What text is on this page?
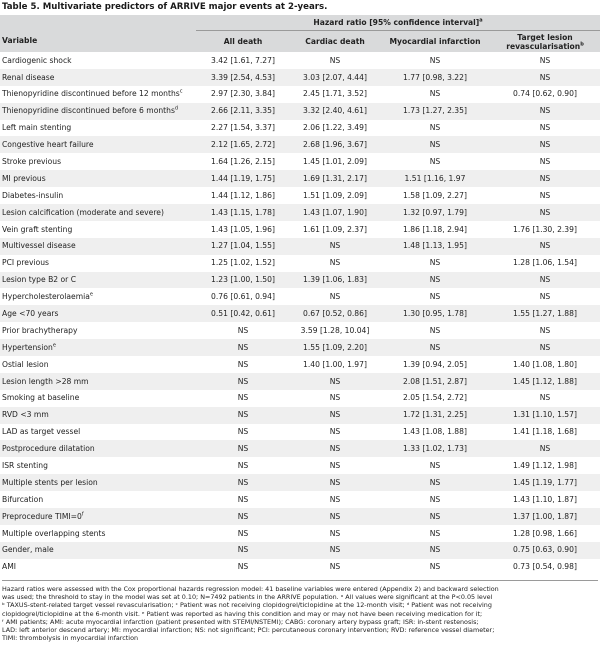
Table 5. Multivariate predictors of ARRIVE major events at 2-years.
	Hazard ratio [95% confidence interval]$^a$
Variable	All death	Cardiac death	Myocardial infarction	Target lesion revascularisation$^b$
Cardiogenic shock	3.42 [1.61, 7.27]	NS	NS	NS
Renal disease	3.39 [2.54, 4.53]	3.03 [2.07, 4.44]	1.77 [0.98, 3.22]	NS
Thienopyridine discontinued before 12 months$^c$	2.97 [2.30, 3.84]	2.45 [1.71, 3.52]	NS	0.74 [0.62, 0.90]
Thienopyridine discontinued before 6 months$^d$	2.66 [2.11, 3.35]	3.32 [2.40, 4.61]	1.73 [1.27, 2.35]	NS
Left main stenting	2.27 [1.54, 3.37]	2.06 [1.22, 3.49]	NS	NS
Congestive heart failure	2.12 [1.65, 2.72]	2.68 [1.96, 3.67]	NS	NS
Stroke previous	1.64 [1.26, 2.15]	1.45 [1.01, 2.09]	NS	NS
MI previous	1.44 [1.19, 1.75]	1.69 [1.31, 2.17]	1.51 [1.16, 1.97	NS
Diabetes-insulin	1.44 [1.12, 1.86]	1.51 [1.09, 2.09]	1.58 [1.09, 2.27]	NS
Lesion calcification (moderate and severe)	1.43 [1.15, 1.78]	1.43 [1.07, 1.90]	1.32 [0.97, 1.79]	NS
Vein graft stenting	1.43 [1.05, 1.96]	1.61 [1.09, 2.37]	1.86 [1.18, 2.94]	1.76 [1.30, 2.39]
Multivessel disease	1.27 [1.04, 1.55]	NS	1.48 [1.13, 1.95]	NS
PCI previous	1.25 [1.02, 1.52]	NS	NS	1.28 [1.06, 1.54]
Lesion type B2 or C	1.23 [1.00, 1.50]	1.39 [1.06, 1.83]	NS	NS
Hypercholesterolaemia$^e$	0.76 [0.61, 0.94]	NS	NS	NS
Age <70 years	0.51 [0.42, 0.61]	0.67 [0.52, 0.86]	1.30 [0.95, 1.78]	1.55 [1.27, 1.88]
Prior brachytherapy	NS	3.59 [1.28, 10.04]	NS	NS
Hypertension$^e$	NS	1.55 [1.09, 2.20]	NS	NS
Ostial lesion	NS	1.40 [1.00, 1.97]	1.39 [0.94, 2.05]	1.40 [1.08, 1.80]
Lesion length >28 mm	NS	NS	2.08 [1.51, 2.87]	1.45 [1.12, 1.88]
Smoking at baseline	NS	NS	2.05 [1.54, 2.72]	NS
RVD <3 mm	NS	NS	1.72 [1.31, 2.25]	1.31 [1.10, 1.57]
LAD as target vessel	NS	NS	1.43 [1.08, 1.88]	1.41 [1.18, 1.68]
Postprocedure dilatation	NS	NS	1.33 [1.02, 1.73]	NS
ISR stenting	NS	NS	NS	1.49 [1.12, 1.98]
Multiple stents per lesion	NS	NS	NS	1.45 [1.19, 1.77]
Bifurcation	NS	NS	NS	1.43 [1.10, 1.87]
Preprocedure $TIMI=0^f$	NS	NS	NS	1.37 [1.00, 1.87]
Multiple overlapping stents	NS	NS	NS	1.28 [0.98, 1.66]
Gender, male	NS	NS	NS	0.75 [0.63, 0.90]
AMI	NS	NS	NS	0.73 [0.54, 0.98]
Hazard ratios were assessed with the Cox proportional hazards regression model: 41 baseline variables were entered (Appendix 2) and backward selection
was used; the threshold to stay in the model was set at 0.10; N=7492 patients in the ARRIVE population. ᵃ All values were significant at the P<0.05 level
ᵇ TAXUS-stent-related target vessel revascularisation; ᶜ Patient was not receiving clopidogrel/ticlopidine at the 12-month visit; ᵈ Patient was not receiving
clopidogrel/ticlopidine at the 6-month visit. ᵉ Patient was reported as having this condition and may or may not have been receiving medication for it;
ᶠ AMI patients; AMI: acute myocardial infarction (patient presented with STEMI/NSTEMI); CABG: coronary artery bypass graft; ISR: in-stent restenosis;
LAD: left anterior descend artery; MI: myocardial infarction; NS: not significant; PCI: percutaneous coronary intervention; RVD: reference vessel diameter;
TIMI: thrombolysis in myocardial infarction
